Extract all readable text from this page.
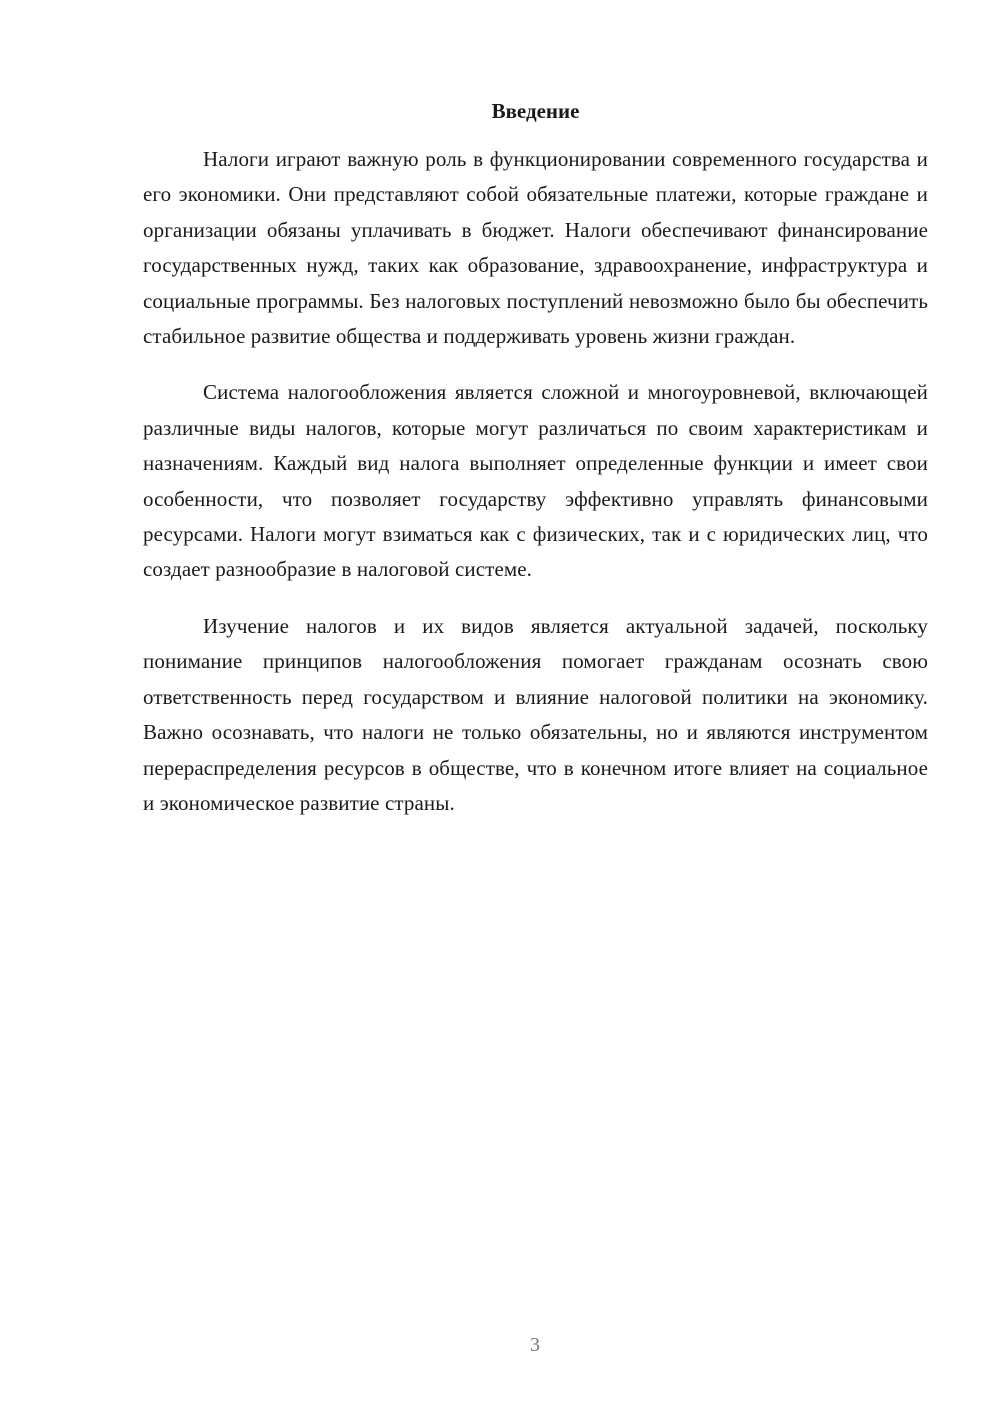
Введение

Налоги играют важную роль в функционировании современного государства и его экономики. Они представляют собой обязательные платежи, которые граждане и организации обязаны уплачивать в бюджет. Налоги обеспечивают финансирование государственных нужд, таких как образование, здравоохранение, инфраструктура и социальные программы. Без налоговых поступлений невозможно было бы обеспечить стабильное развитие общества и поддерживать уровень жизни граждан.

Система налогообложения является сложной и многоуровневой, включающей различные виды налогов, которые могут различаться по своим характеристикам и назначениям. Каждый вид налога выполняет определенные функции и имеет свои особенности, что позволяет государству эффективно управлять финансовыми ресурсами. Налоги могут взиматься как с физических, так и с юридических лиц, что создает разнообразие в налоговой системе.

Изучение налогов и их видов является актуальной задачей, поскольку понимание принципов налогообложения помогает гражданам осознать свою ответственность перед государством и влияние налоговой политики на экономику. Важно осознавать, что налоги не только обязательны, но и являются инструментом перераспределения ресурсов в обществе, что в конечном итоге влияет на социальное и экономическое развитие страны.

3
